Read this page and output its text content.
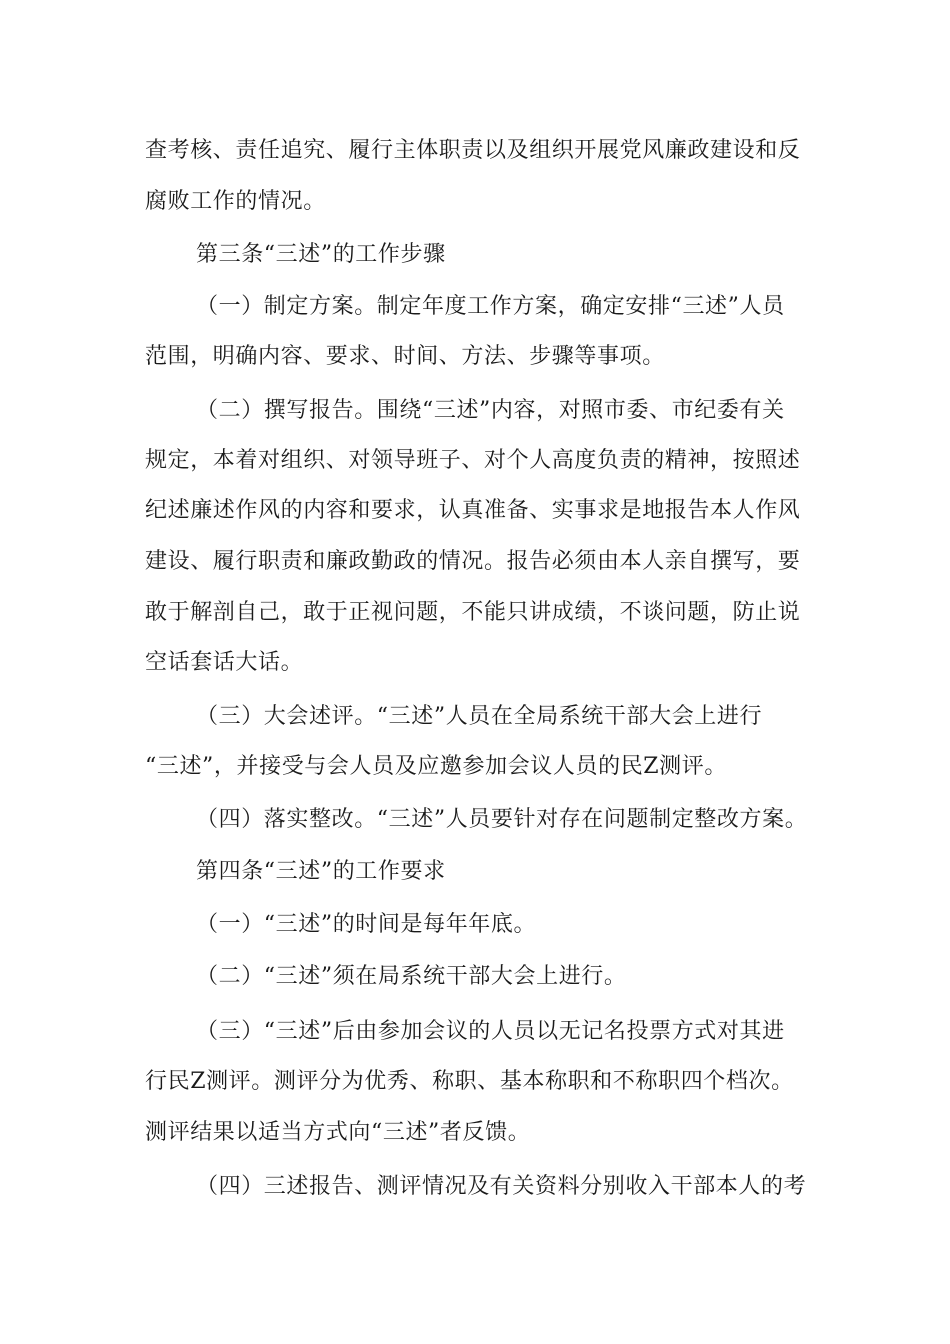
查考核、责任追究、履行主体职责以及组织开展党风廉政建设和反
腐败工作的情况。
第三条“三述”的工作步骤
（一）制定方案。制定年度工作方案，确定安排“三述”人员
范围，明确内容、要求、时间、方法、步骤等事项。
（二）撰写报告。围绕“三述”内容，对照市委、市纪委有关
规定，本着对组织、对领导班子、对个人高度负责的精神，按照述
纪述廉述作风的内容和要求，认真准备、实事求是地报告本人作风
建设、履行职责和廉政勤政的情况。报告必须由本人亲自撰写，要
敢于解剖自己，敢于正视问题，不能只讲成绩，不谈问题，防止说
空话套话大话。
（三）大会述评。“三述”人员在全局系统干部大会上进行
“三述”，并接受与会人员及应邀参加会议人员的民Z测评。
（四）落实整改。“三述”人员要针对存在问题制定整改方案。
第四条“三述”的工作要求
（一）“三述”的时间是每年年底。
（二）“三述”须在局系统干部大会上进行。
（三）“三述”后由参加会议的人员以无记名投票方式对其进
行民Z测评。测评分为优秀、称职、基本称职和不称职四个档次。
测评结果以适当方式向“三述”者反馈。
（四）三述报告、测评情况及有关资料分别收入干部本人的考
